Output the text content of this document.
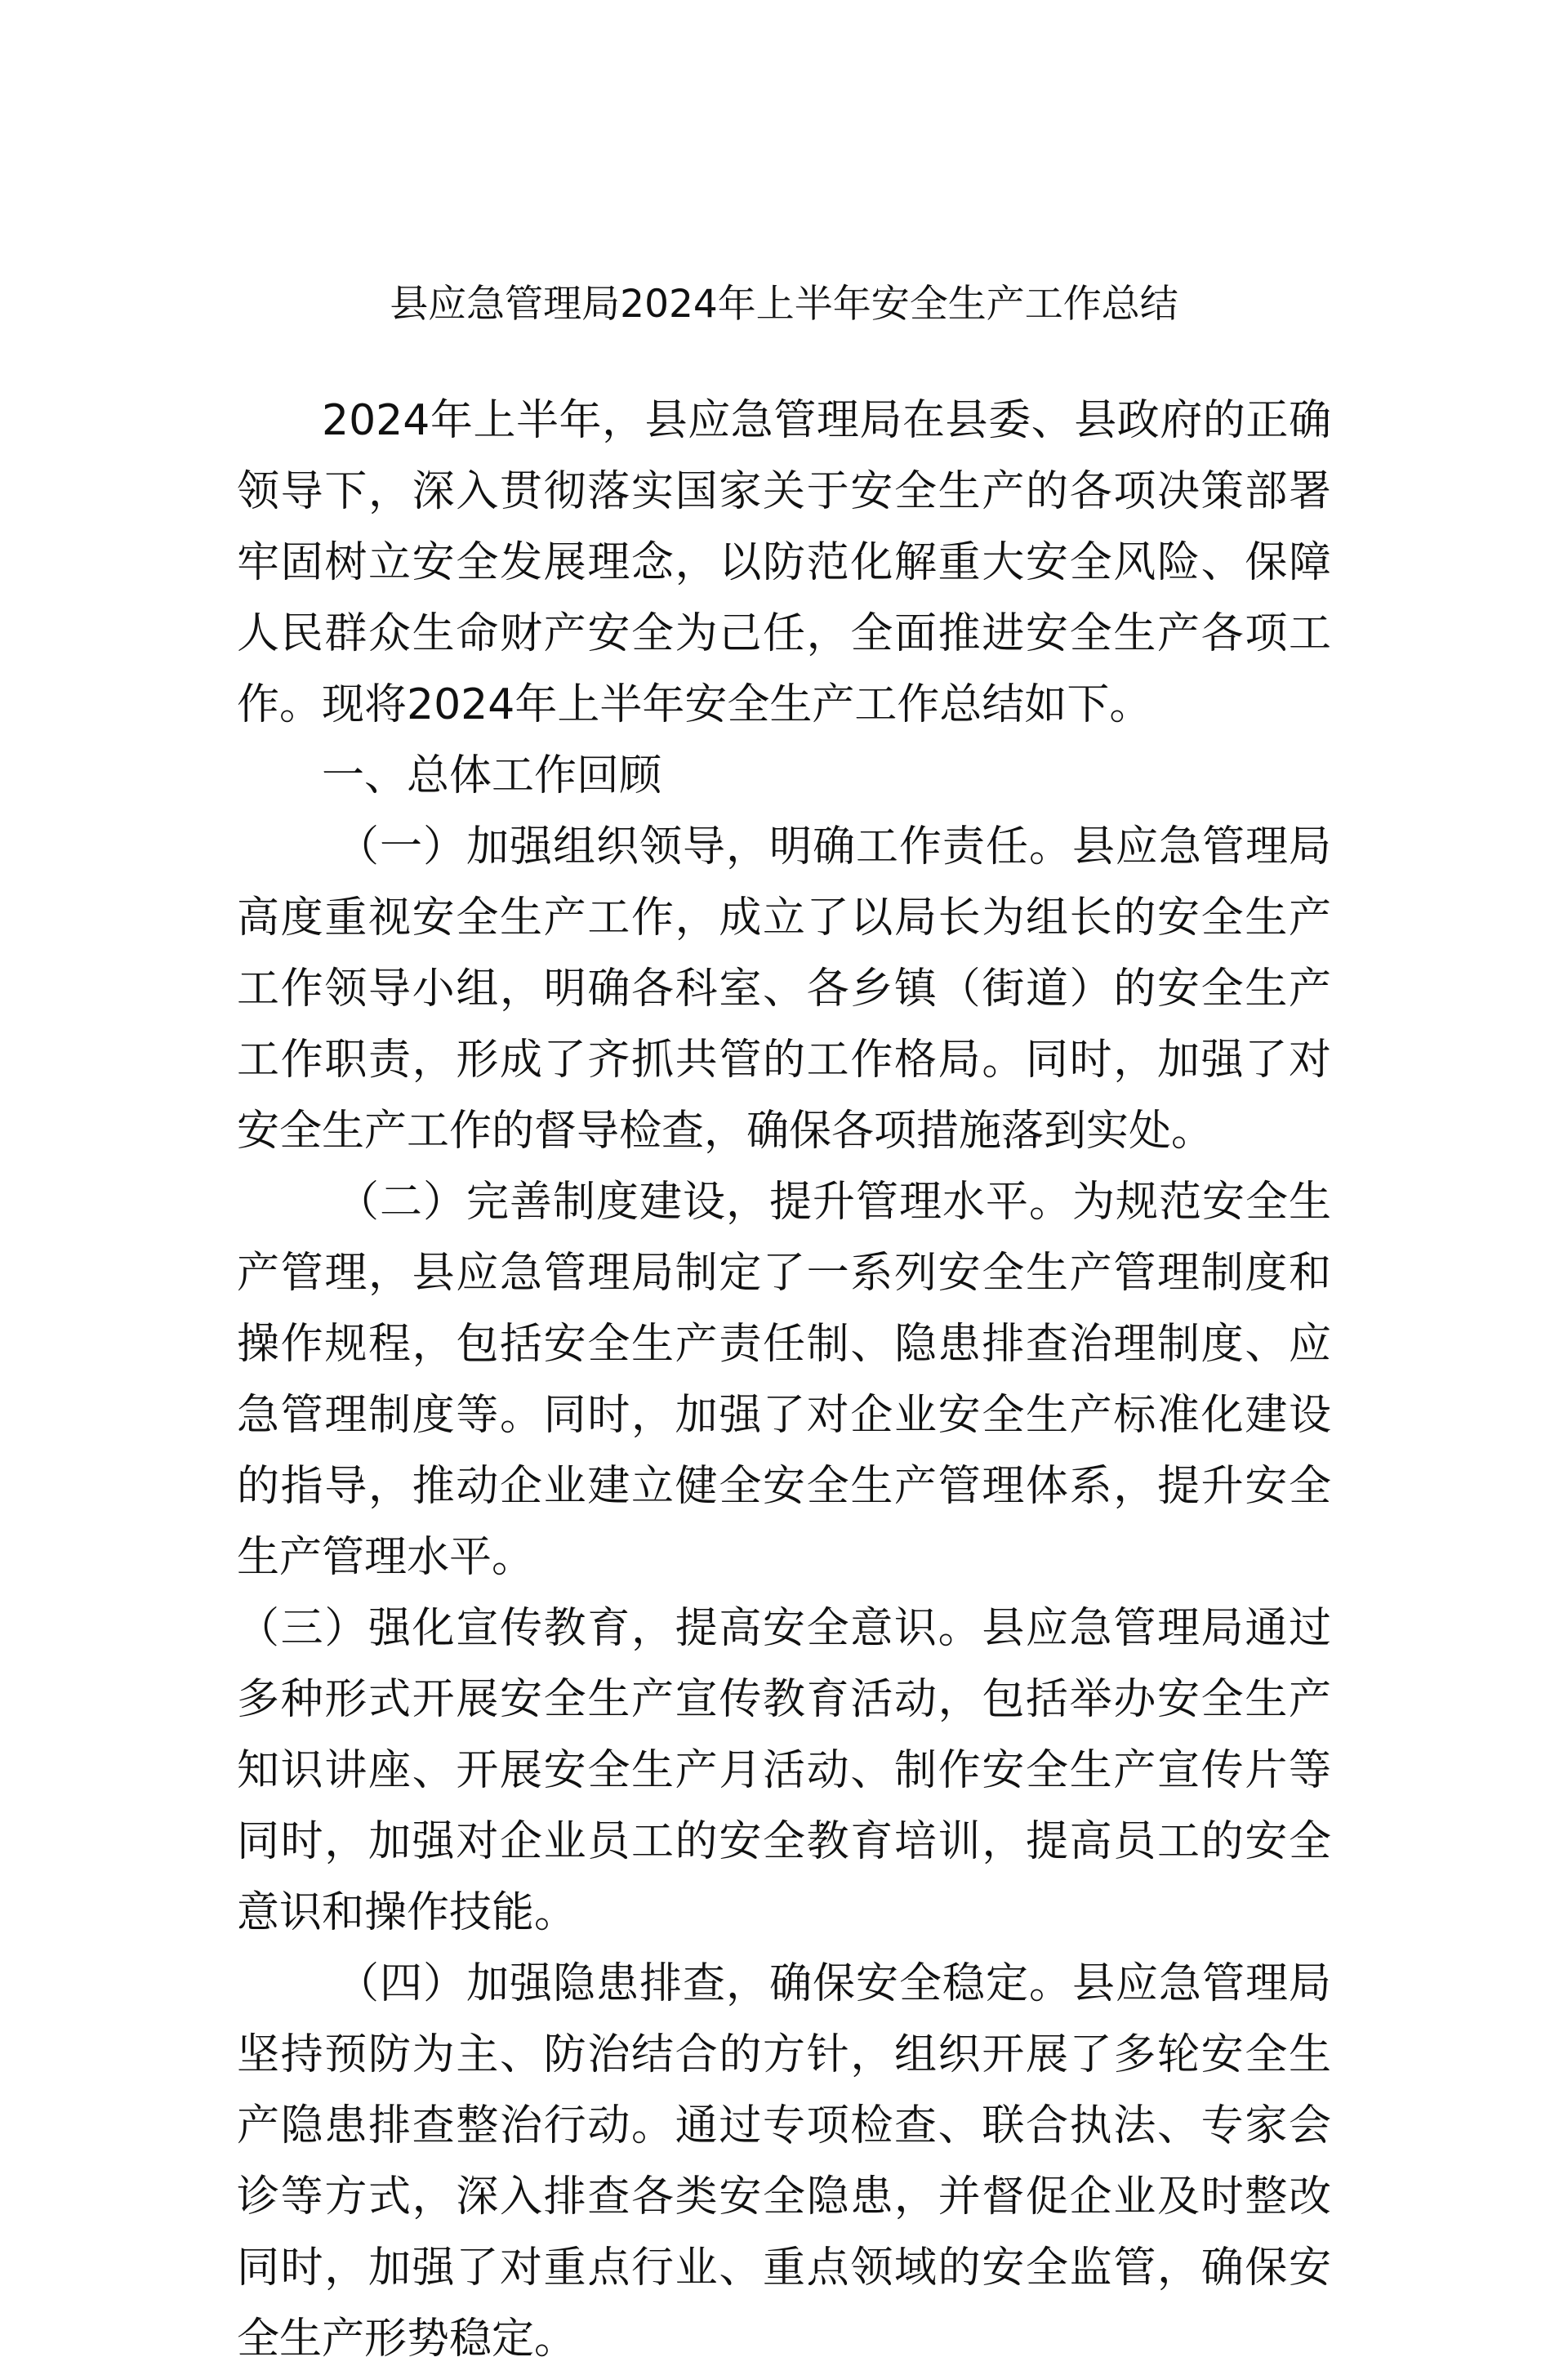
县应急管理局2024年上半年安全生产工作总结

2024年上半年，县应急管理局在县委、县政府的正确领导下，深入贯彻落实国家关于安全生产的各项决策部署牢固树立安全发展理念，以防范化解重大安全风险、保障人民群众生命财产安全为己任，全面推进安全生产各项工作。现将2024年上半年安全生产工作总结如下。

一、总体工作回顾

（一）加强组织领导，明确工作责任。县应急管理局高度重视安全生产工作，成立了以局长为组长的安全生产工作领导小组，明确各科室、各乡镇（街道）的安全生产工作职责，形成了齐抓共管的工作格局。同时，加强了对安全生产工作的督导检查，确保各项措施落到实处。

（二）完善制度建设，提升管理水平。为规范安全生产管理，县应急管理局制定了一系列安全生产管理制度和操作规程，包括安全生产责任制、隐患排查治理制度、应急管理制度等。同时，加强了对企业安全生产标准化建设的指导，推动企业建立健全安全生产管理体系，提升安全生产管理水平。

（三）强化宣传教育，提高安全意识。县应急管理局通过多种形式开展安全生产宣传教育活动，包括举办安全生产知识讲座、开展安全生产月活动、制作安全生产宣传片等同时，加强对企业员工的安全教育培训，提高员工的安全意识和操作技能。

（四）加强隐患排查，确保安全稳定。县应急管理局坚持预防为主、防治结合的方针，组织开展了多轮安全生产隐患排查整治行动。通过专项检查、联合执法、专家会诊等方式，深入排查各类安全隐患，并督促企业及时整改同时，加强了对重点行业、重点领域的安全监管，确保安全生产形势稳定。
